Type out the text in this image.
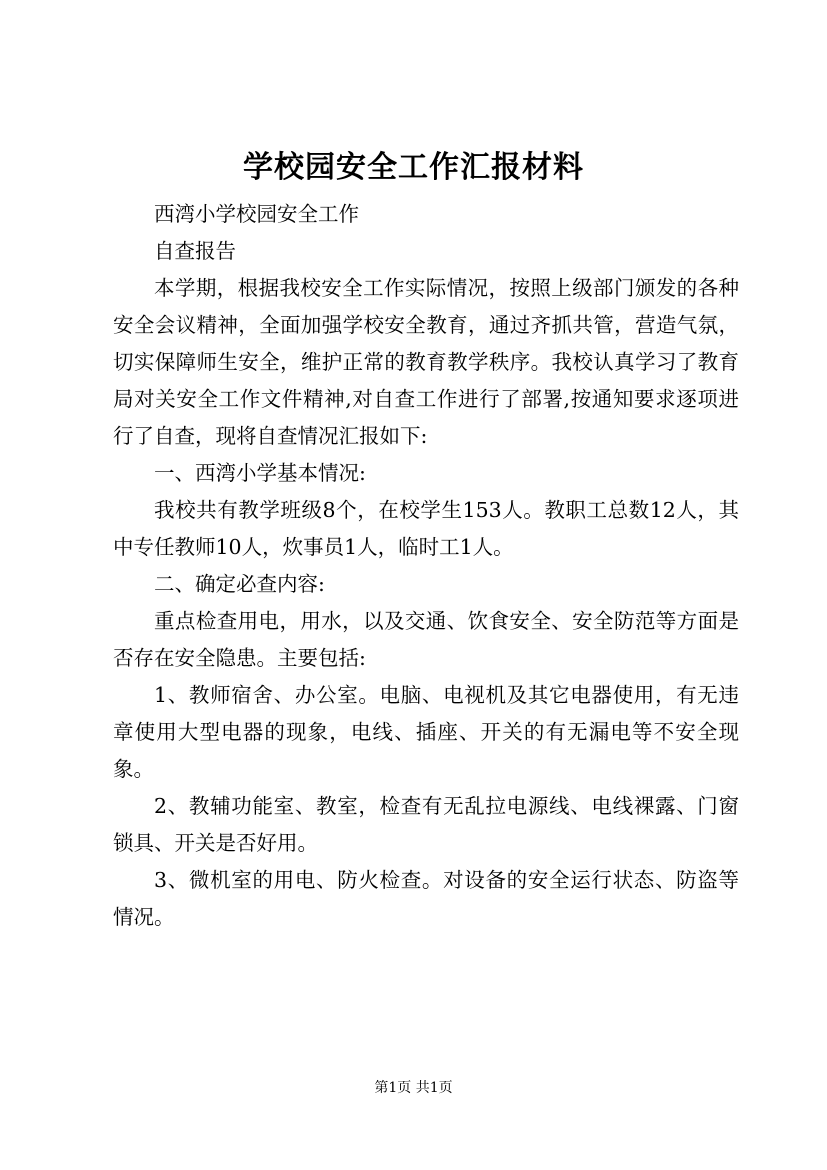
学校园安全工作汇报材料

西湾小学校园安全工作

自查报告

本学期，根据我校安全工作实际情况，按照上级部门颁发的各种安全会议精神，全面加强学校安全教育，通过齐抓共管，营造气氛，切实保障师生安全，维护正常的教育教学秩序。我校认真学习了教育局对关安全工作文件精神,对自查工作进行了部署,按通知要求逐项进行了自查，现将自查情况汇报如下:

一、西湾小学基本情况:

我校共有教学班级8个，在校学生153人。教职工总数12人，其中专任教师10人，炊事员1人，临时工1人。

二、确定必查内容:

重点检查用电，用水，以及交通、饮食安全、安全防范等方面是否存在安全隐患。主要包括:

1、教师宿舍、办公室。电脑、电视机及其它电器使用，有无违章使用大型电器的现象，电线、插座、开关的有无漏电等不安全现象。

2、教辅功能室、教室，检查有无乱拉电源线、电线裸露、门窗锁具、开关是否好用。

3、微机室的用电、防火检查。对设备的安全运行状态、防盗等情况。

第1页 共1页
